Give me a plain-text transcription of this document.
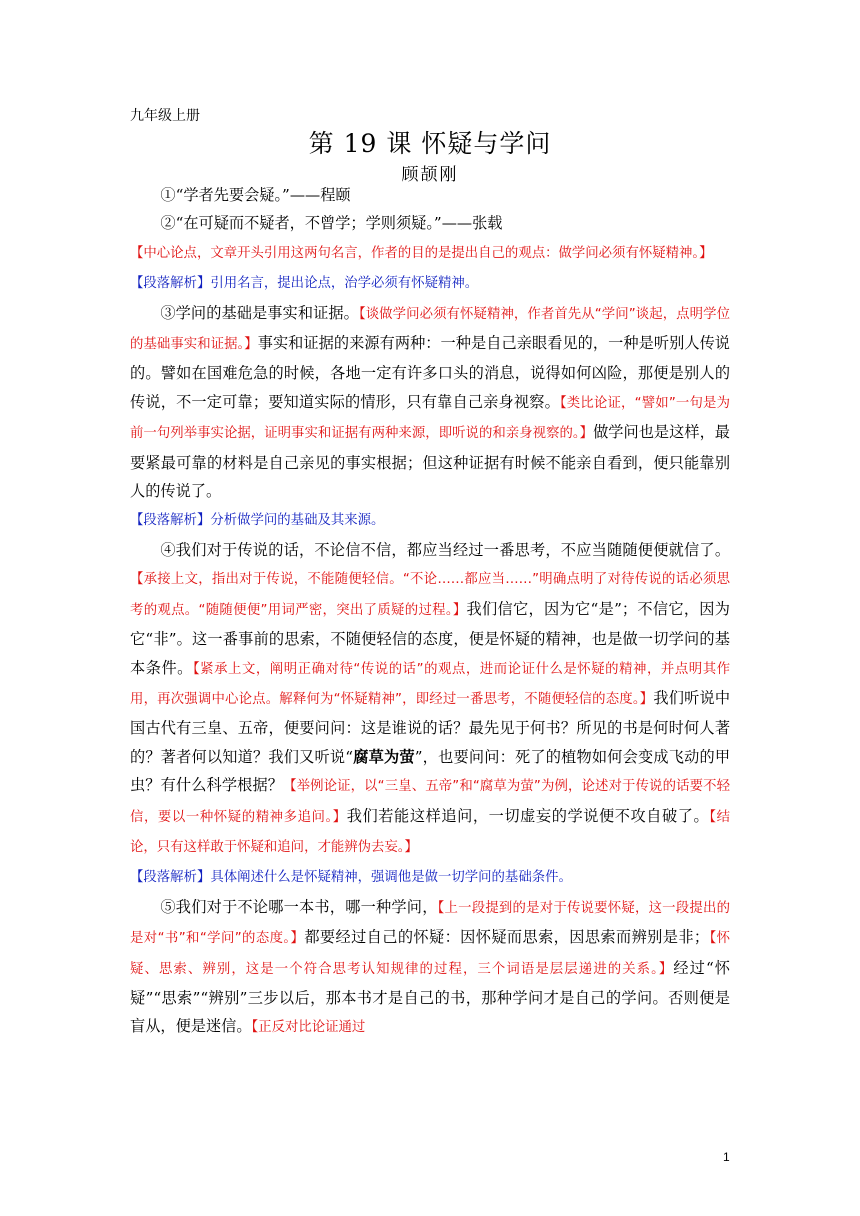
九年级上册
第 19 课 怀疑与学问
顾颉刚

①“学者先要会疑。”——程颐

②“在可疑而不疑者，不曾学；学则须疑。”——张载

【中心论点，文章开头引用这两句名言，作者的目的是提出自己的观点：做学问必须有怀疑精神。】

【段落解析】引用名言，提出论点，治学必须有怀疑精神。

③学问的基础是事实和证据。【谈做学问必须有怀疑精神，作者首先从“学问”谈起，点明学位的基础事实和证据。】事实和证据的来源有两种：一种是自己亲眼看见的，一种是听别人传说的。譬如在国难危急的时候，各地一定有许多口头的消息，说得如何凶险，那便是别人的传说，不一定可靠；要知道实际的情形，只有靠自己亲身视察。【类比论证，“譬如”一句是为前一句列举事实论据，证明事实和证据有两种来源，即听说的和亲身视察的。】做学问也是这样，最要紧最可靠的材料是自己亲见的事实根据；但这种证据有时候不能亲自看到，便只能靠别人的传说了。

【段落解析】分析做学问的基础及其来源。

④我们对于传说的话，不论信不信，都应当经过一番思考，不应当随随便便就信了。【承接上文，指出对于传说，不能随便轻信。“不论……都应当……”明确点明了对待传说的话必须思考的观点。“随随便便”用词严密，突出了质疑的过程。】我们信它，因为它“是”；不信它，因为它“非”。这一番事前的思索，不随便轻信的态度，便是怀疑的精神，也是做一切学问的基本条件。【紧承上文，阐明正确对待“传说的话”的观点，进而论证什么是怀疑的精神，并点明其作用，再次强调中心论点。解释何为“怀疑精神”，即经过一番思考，不随便轻信的态度。】我们听说中国古代有三皇、五帝，便要问问：这是谁说的话？最先见于何书？所见的书是何时何人著的？著者何以知道？我们又听说“腐草为萤”，也要问问：死了的植物如何会变成飞动的甲虫？有什么科学根据？【举例论证，以“三皇、五帝”和“腐草为萤”为例，论述对于传说的话要不轻信，要以一种怀疑的精神多追问。】我们若能这样追问，一切虚妄的学说便不攻自破了。【结论，只有这样敢于怀疑和追问，才能辨伪去妄。】

【段落解析】具体阐述什么是怀疑精神，强调他是做一切学问的基础条件。

⑤我们对于不论哪一本书，哪一种学问，【上一段提到的是对于传说要怀疑，这一段提出的是对“书”和“学问”的态度。】都要经过自己的怀疑：因怀疑而思索，因思索而辨别是非；【怀疑、思索、辨别，这是一个符合思考认知规律的过程，三个词语是层层递进的关系。】经过“怀疑”“思索”“辨别”三步以后，那本书才是自己的书，那种学问才是自己的学问。否则便是盲从，便是迷信。【正反对比论证通过

1
